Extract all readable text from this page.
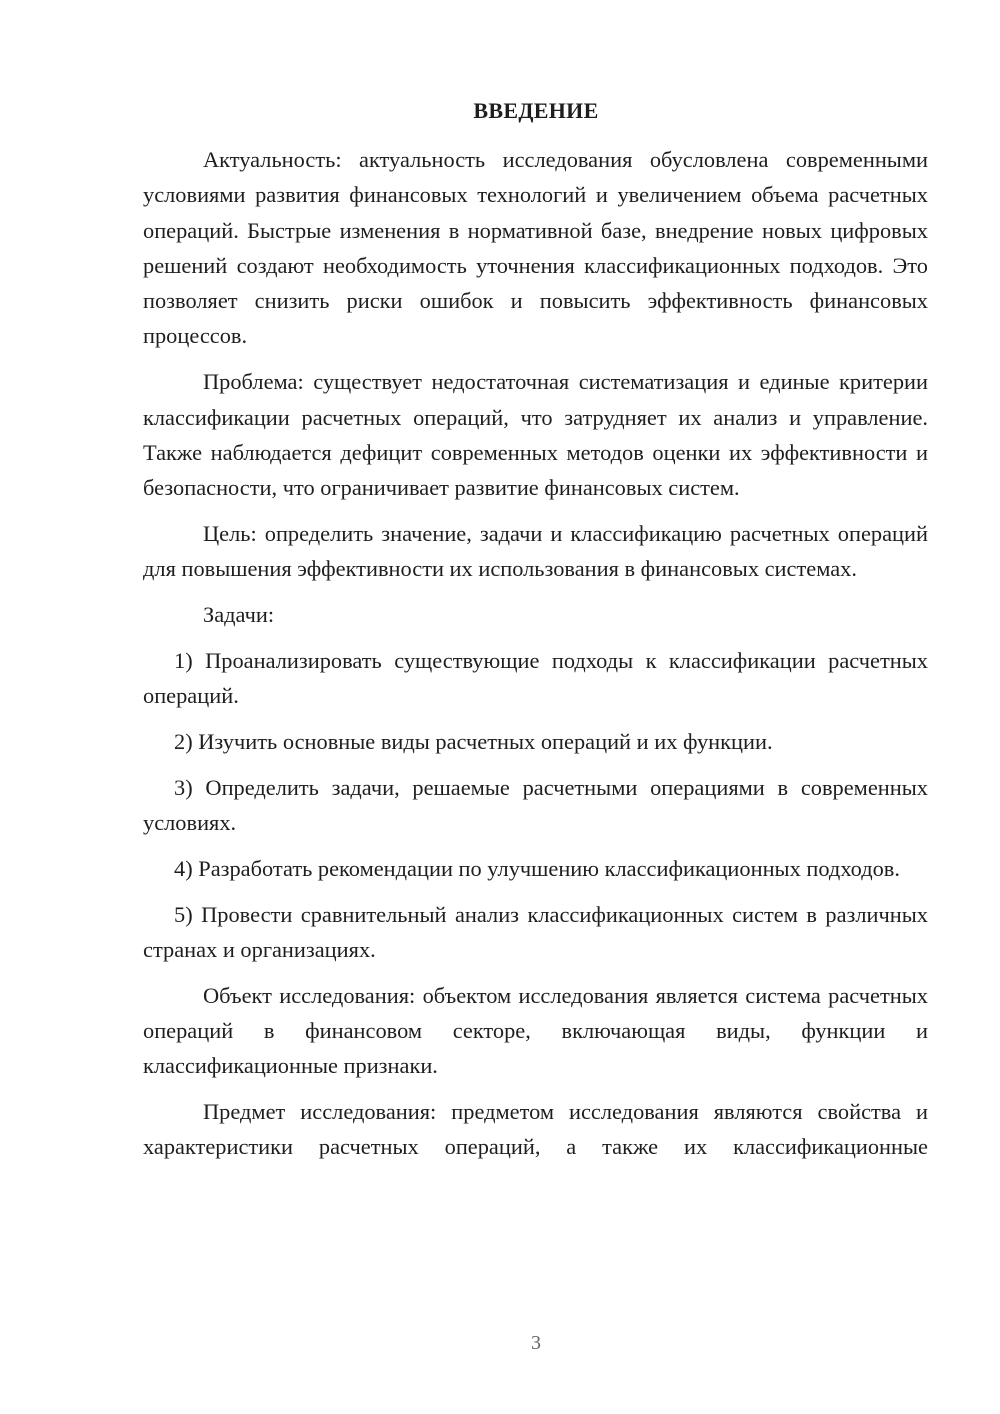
ВВЕДЕНИЕ

Актуальность: актуальность исследования обусловлена современными условиями развития финансовых технологий и увеличением объема расчетных операций. Быстрые изменения в нормативной базе, внедрение новых цифровых решений создают необходимость уточнения классификационных подходов. Это позволяет снизить риски ошибок и повысить эффективность финансовых процессов.

Проблема: существует недостаточная систематизация и единые критерии классификации расчетных операций, что затрудняет их анализ и управление. Также наблюдается дефицит современных методов оценки их эффективности и безопасности, что ограничивает развитие финансовых систем.

Цель: определить значение, задачи и классификацию расчетных операций для повышения эффективности их использования в финансовых системах.

Задачи:

1) Проанализировать существующие подходы к классификации расчетных операций.

2) Изучить основные виды расчетных операций и их функции.

3) Определить задачи, решаемые расчетными операциями в современных условиях.

4) Разработать рекомендации по улучшению классификационных подходов.

5) Провести сравнительный анализ классификационных систем в различных странах и организациях.

Объект исследования: объектом исследования является система расчетных операций в финансовом секторе, включающая виды, функции и классификационные признаки.

Предмет исследования: предметом исследования являются свойства и характеристики расчетных операций, а также их классификационные

3
